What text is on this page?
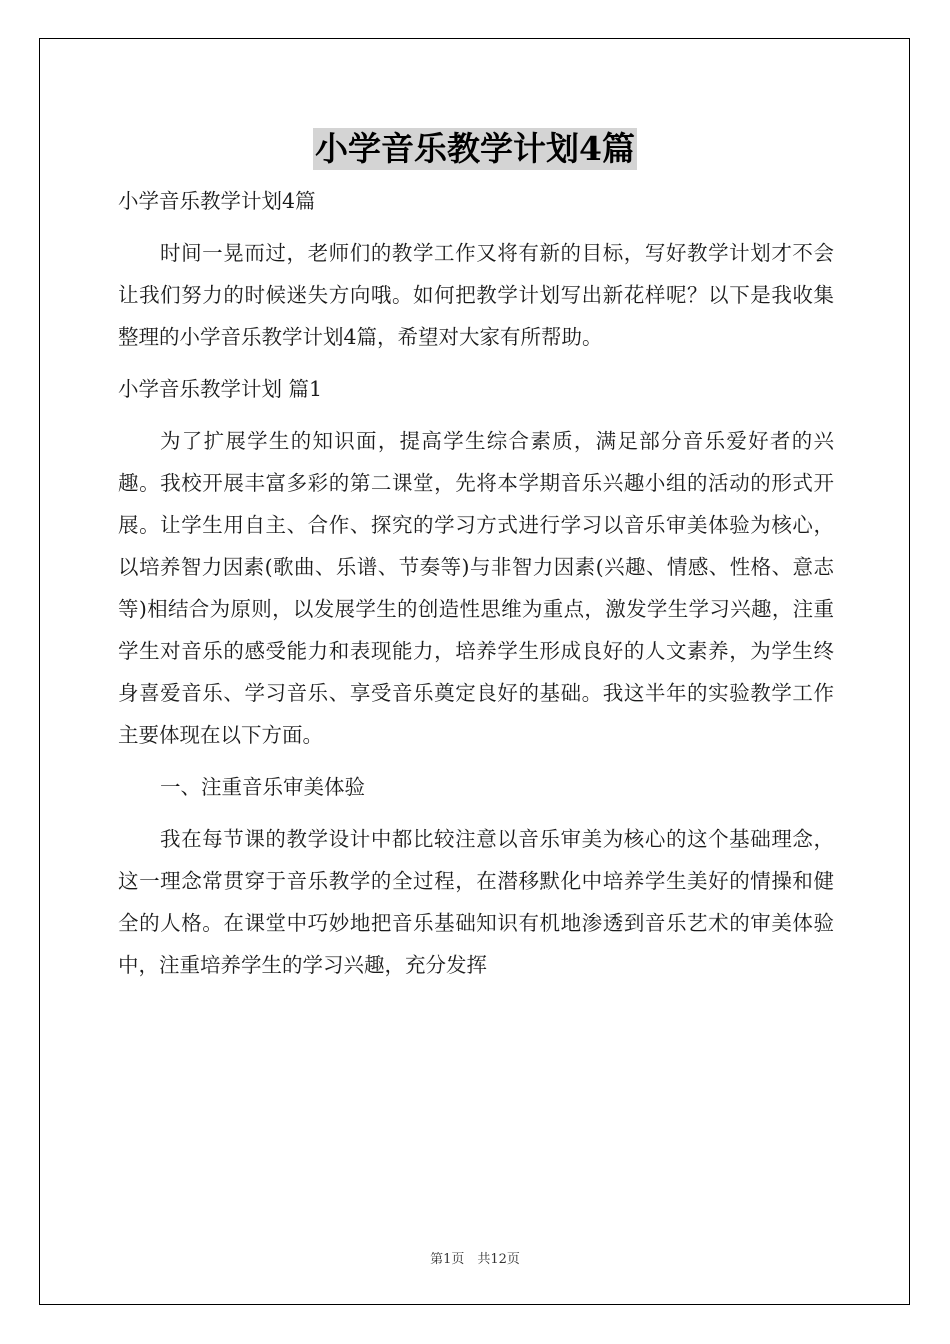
小学音乐教学计划4篇

小学音乐教学计划4篇

时间一晃而过，老师们的教学工作又将有新的目标，写好教学计划才不会让我们努力的时候迷失方向哦。如何把教学计划写出新花样呢？以下是我收集整理的小学音乐教学计划4篇，希望对大家有所帮助。

小学音乐教学计划 篇1

为了扩展学生的知识面，提高学生综合素质，满足部分音乐爱好者的兴趣。我校开展丰富多彩的第二课堂，先将本学期音乐兴趣小组的活动的形式开展。让学生用自主、合作、探究的学习方式进行学习以音乐审美体验为核心，以培养智力因素(歌曲、乐谱、节奏等)与非智力因素(兴趣、情感、性格、意志等)相结合为原则，以发展学生的创造性思维为重点，激发学生学习兴趣，注重学生对音乐的感受能力和表现能力，培养学生形成良好的人文素养，为学生终身喜爱音乐、学习音乐、享受音乐奠定良好的基础。我这半年的实验教学工作主要体现在以下方面。

一、注重音乐审美体验

我在每节课的教学设计中都比较注意以音乐审美为核心的这个基础理念，这一理念常贯穿于音乐教学的全过程，在潜移默化中培养学生美好的情操和健全的人格。在课堂中巧妙地把音乐基础知识有机地渗透到音乐艺术的审美体验中，注重培养学生的学习兴趣，充分发挥

第1页　共12页
